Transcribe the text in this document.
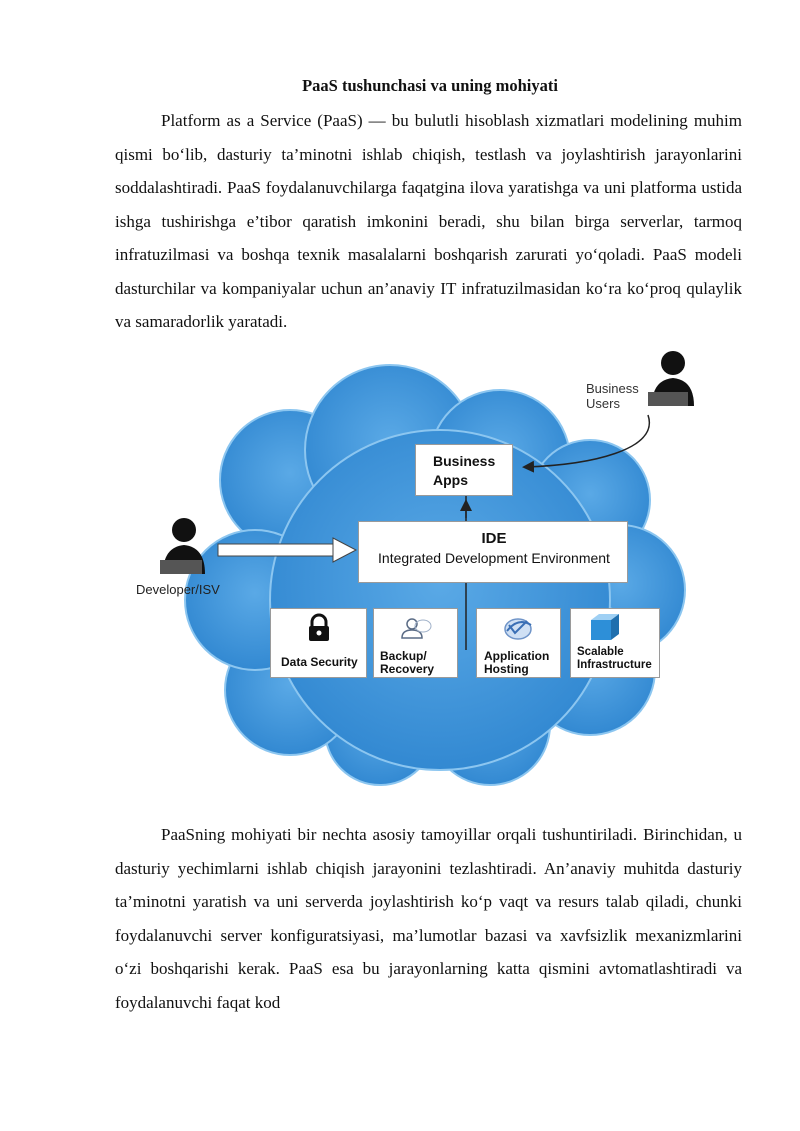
PaaS tushunchasi va uning mohiyati

Platform as a Service (PaaS) — bu bulutli hisoblash xizmatlari modelining muhim qismi bo‘lib, dasturiy ta’minotni ishlab chiqish, testlash va joylashtirish jarayonlarini soddalashtiradi. PaaS foydalanuvchilarga faqatgina ilova yaratishga va uni platforma ustida ishga tushirishga e’tibor qaratish imkonini beradi, shu bilan birga serverlar, tarmoq infratuzilmasi va boshqa texnik masalalarni boshqarish zarurati yo‘qoladi. PaaS modeli dasturchilar va kompaniyalar uchun an’anaviy IT infratuzilmasidan ko‘ra ko‘proq qulaylik va samaradorlik yaratadi.

Business Users
Business Apps
IDE
Integrated Development Environment
Developer/ISV
Data Security	Backup/ Recovery
Application Hosting
Scalable Infrastructure

PaaSning mohiyati bir nechta asosiy tamoyillar orqali tushuntiriladi. Birinchidan, u dasturiy yechimlarni ishlab chiqish jarayonini tezlashtiradi. An’anaviy muhitda dasturiy ta’minotni yaratish va uni serverda joylashtirish ko‘p vaqt va resurs talab qiladi, chunki foydalanuvchi server konfiguratsiyasi, ma’lumotlar bazasi va xavfsizlik mexanizmlarini o‘zi boshqarishi kerak. PaaS esa bu jarayonlarning katta qismini avtomatlashtiradi va foydalanuvchi faqat kod
